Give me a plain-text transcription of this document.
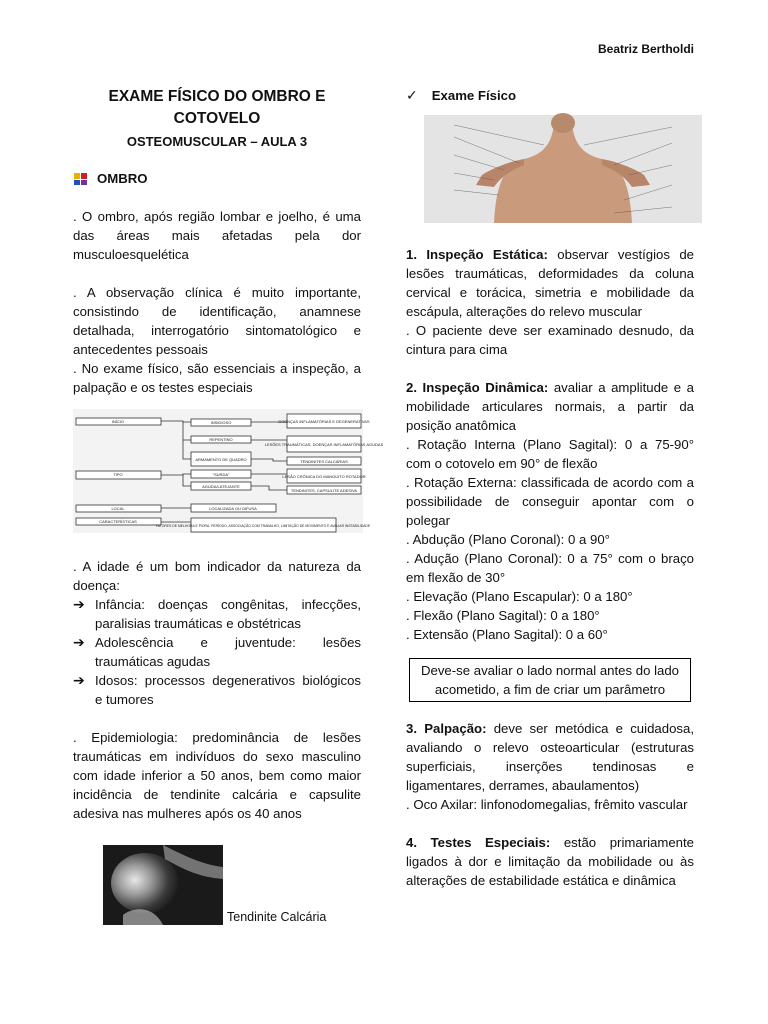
Beatriz Bertholdi
EXAME FÍSICO DO OMBRO E COTOVELO
OSTEOMUSCULAR – AULA 3
OMBRO

. O ombro, após região lombar e joelho, é uma das áreas mais afetadas pela dor musculoesquelética

. A observação clínica é muito importante, consistindo de identificação, anamnese detalhada, interrogatório sintomatológico e antecedentes pessoais

. No exame físico, são essenciais a inspeção, a palpação e os testes especiais

INÍCIO
TIPO
LOCAL
CARACTERÍSTICAS
INSIDIOSO
REPENTINO
ARMAMENTO DE QUADRO
"SURDA"
AGUDA/LATEJANTE
LOCALIZADA OU DIFUSA
DOENÇAS INFLAMATÓRIAS E DEGENERATIVAS
LESÕES TRAUMÁTICAS, DOENÇAS INFLAMATÓRIAS AGUDAS
TENDINITES CALCÁRIAS
LESÃO CRÔNICA DO MANGUITO ROTADOR
TENDINITES, CAPSULITE ADESIVA
FATORES DE MELHORA E PIORA, PERÍODO, ASSOCIAÇÃO COM TRABALHO, LIMITAÇÃO DE MOVIMENTO E AVALIAR INSTABILIDADE

. A idade é um bom indicador da natureza da doença:

➔ Infância: doenças congênitas, infecções, paralisias traumáticas e obstétricas
➔ Adolescência e juventude: lesões traumáticas agudas
➔ Idosos: processos degenerativos biológicos e tumores

. Epidemiologia: predominância de lesões traumáticas em indivíduos do sexo masculino com idade inferior a 50 anos, bem como maior incidência de tendinite calcária e capsulite adesiva nas mulheres após os 40 anos

Tendinite Calcária
✓ Exame Físico

1. Inspeção Estática: observar vestígios de lesões traumáticas, deformidades da coluna cervical e torácica, simetria e mobilidade da escápula, alterações do relevo muscular

. O paciente deve ser examinado desnudo, da cintura para cima

2. Inspeção Dinâmica: avaliar a amplitude e a mobilidade articulares normais, a partir da posição anatômica

. Rotação Interna (Plano Sagital): 0 a 75-90° com o cotovelo em 90° de flexão

. Rotação Externa: classificada de acordo com a possibilidade de conseguir apontar com o polegar

. Abdução (Plano Coronal): 0 a 90°

. Adução (Plano Coronal): 0 a 75° com o braço em flexão de 30°

. Elevação (Plano Escapular): 0 a 180°

. Flexão (Plano Sagital): 0 a 180°

. Extensão (Plano Sagital): 0 a 60°

Deve-se avaliar o lado normal antes do lado acometido, a fim de criar um parâmetro

3. Palpação: deve ser metódica e cuidadosa, avaliando o relevo osteoarticular (estruturas superficiais, inserções tendinosas e ligamentares, derrames, abaulamentos)

. Oco Axilar: linfonodomegalias, frêmito vascular

4. Testes Especiais: estão primariamente ligados à dor e limitação da mobilidade ou às alterações de estabilidade estática e dinâmica
